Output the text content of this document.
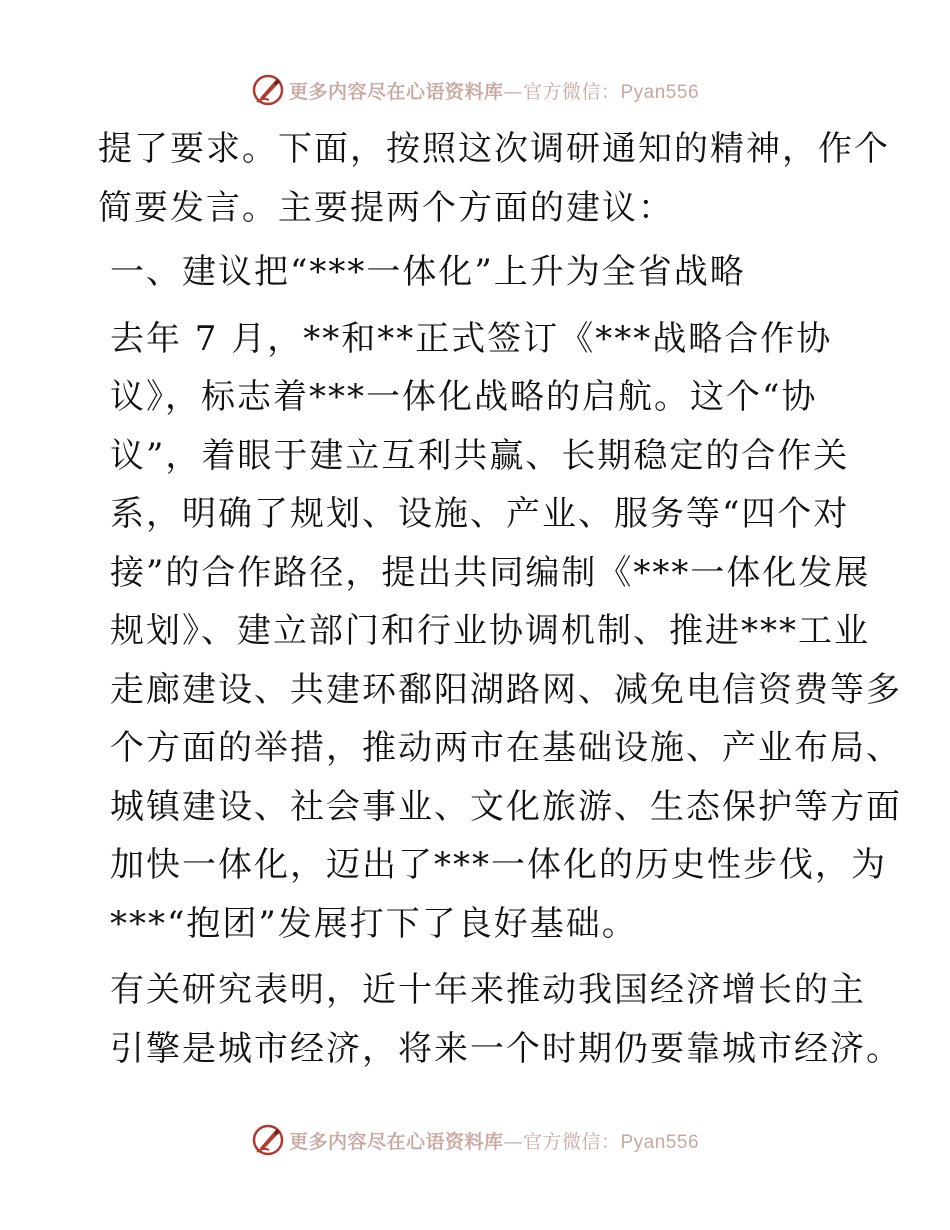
更多内容尽在心语资料库—官方微信：Pyan556

提了要求。下面，按照这次调研通知的精神，作个
简要发言。主要提两个方面的建议：

一、建议把“***一体化”上升为全省战略

去年 7 月，**和**正式签订《***战略合作协
议》，标志着***一体化战略的启航。这个“协
议”，着眼于建立互利共赢、长期稳定的合作关
系，明确了规划、设施、产业、服务等“四个对
接”的合作路径，提出共同编制《***一体化发展
规划》、建立部门和行业协调机制、推进***工业
走廊建设、共建环鄱阳湖路网、减免电信资费等多
个方面的举措，推动两市在基础设施、产业布局、
城镇建设、社会事业、文化旅游、生态保护等方面
加快一体化，迈出了***一体化的历史性步伐，为
***“抱团”发展打下了良好基础。

有关研究表明，近十年来推动我国经济增长的主
引擎是城市经济，将来一个时期仍要靠城市经济。

更多内容尽在心语资料库—官方微信：Pyan556
